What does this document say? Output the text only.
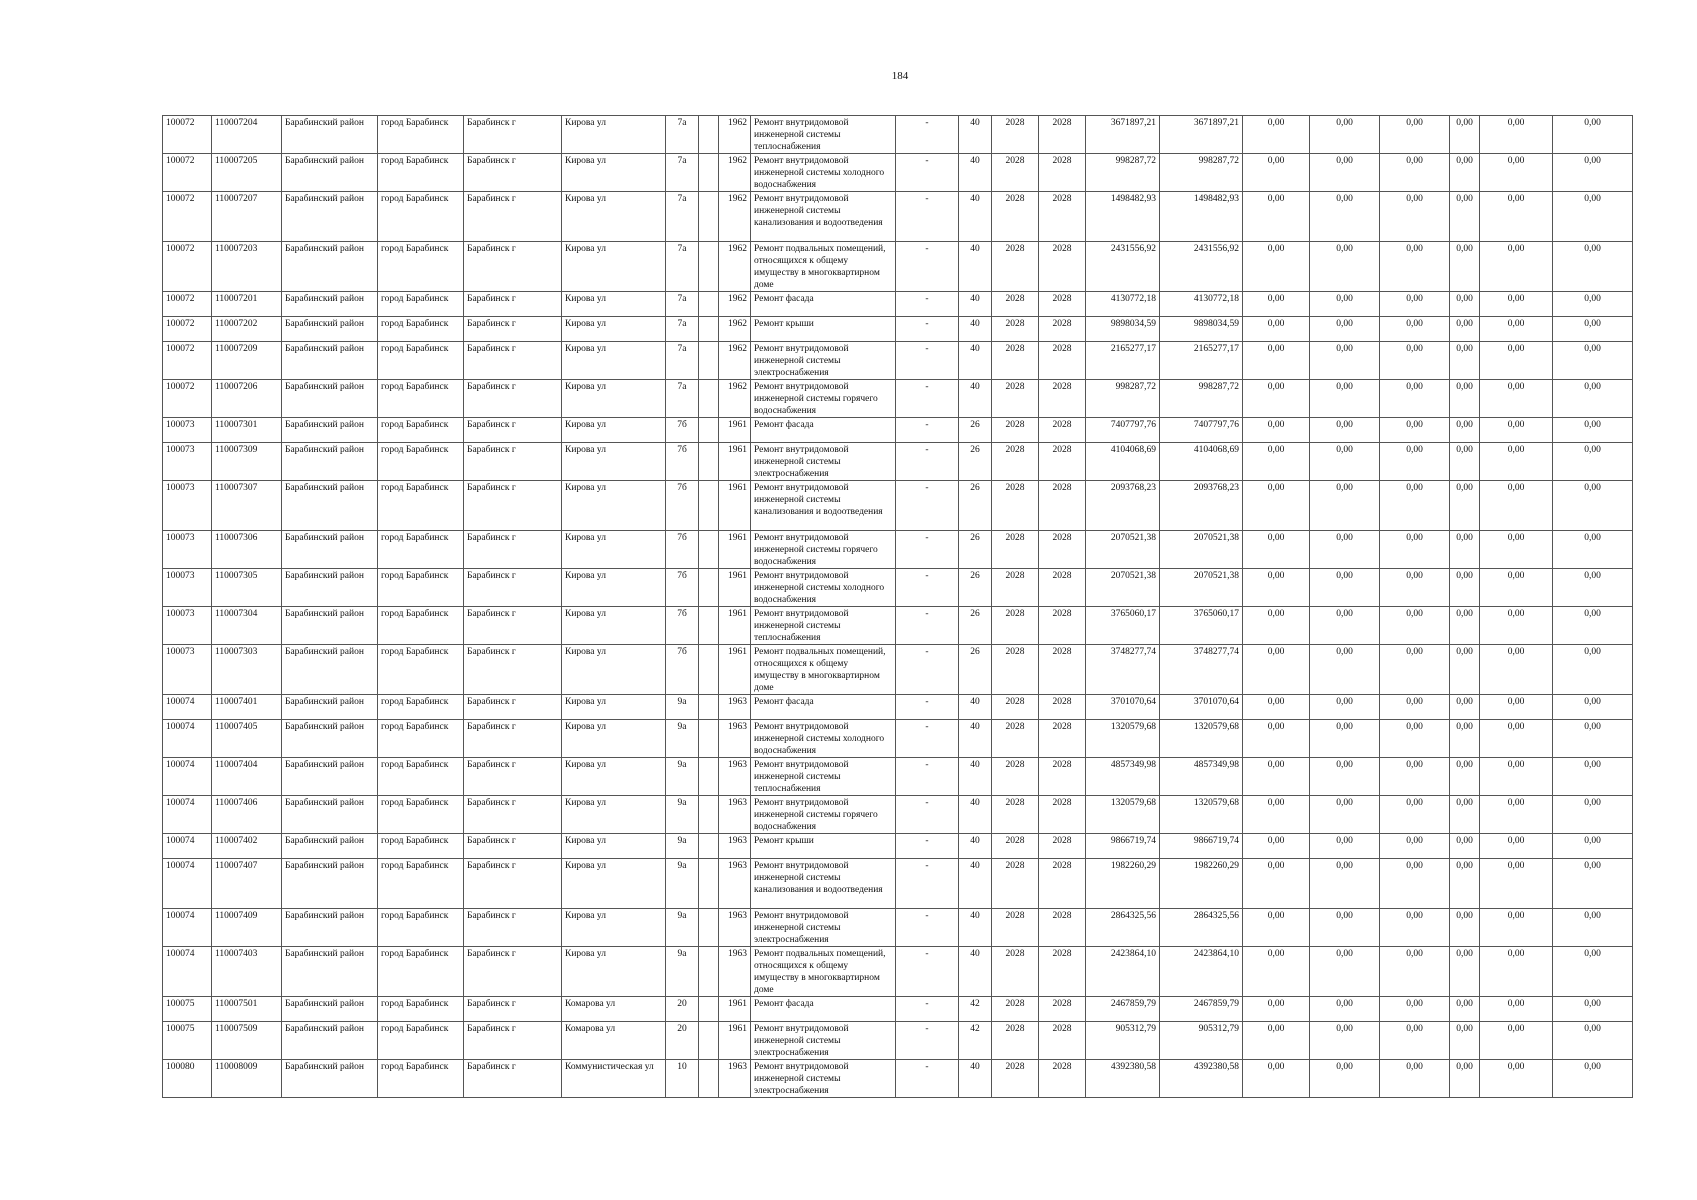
184
100072	110007204	Барабинский район	город Барабинск	Барабинск г	Кирова ул	7а		1962	Ремонт внутридомовой инженерной системы теплоснабжения	-	40	2028	2028	3671897,21	3671897,21	0,00	0,00	0,00	0,00	0,00	0,00
100072	110007205	Барабинский район	город Барабинск	Барабинск г	Кирова ул	7а		1962	Ремонт внутридомовой инженерной системы холодного водоснабжения	-	40	2028	2028	998287,72	998287,72	0,00	0,00	0,00	0,00	0,00	0,00
100072	110007207	Барабинский район	город Барабинск	Барабинск г	Кирова ул	7а		1962	Ремонт внутридомовой инженерной системы канализования и водоотведения	-	40	2028	2028	1498482,93	1498482,93	0,00	0,00	0,00	0,00	0,00	0,00
100072	110007203	Барабинский район	город Барабинск	Барабинск г	Кирова ул	7а		1962	Ремонт подвальных помещений, относящихся к общему имуществу в многоквартирном доме	-	40	2028	2028	2431556,92	2431556,92	0,00	0,00	0,00	0,00	0,00	0,00
100072	110007201	Барабинский район	город Барабинск	Барабинск г	Кирова ул	7а		1962	Ремонт фасада	-	40	2028	2028	4130772,18	4130772,18	0,00	0,00	0,00	0,00	0,00	0,00
100072	110007202	Барабинский район	город Барабинск	Барабинск г	Кирова ул	7а		1962	Ремонт крыши	-	40	2028	2028	9898034,59	9898034,59	0,00	0,00	0,00	0,00	0,00	0,00
100072	110007209	Барабинский район	город Барабинск	Барабинск г	Кирова ул	7а		1962	Ремонт внутридомовой инженерной системы электроснабжения	-	40	2028	2028	2165277,17	2165277,17	0,00	0,00	0,00	0,00	0,00	0,00
100072	110007206	Барабинский район	город Барабинск	Барабинск г	Кирова ул	7а		1962	Ремонт внутридомовой инженерной системы горячего водоснабжения	-	40	2028	2028	998287,72	998287,72	0,00	0,00	0,00	0,00	0,00	0,00
100073	110007301	Барабинский район	город Барабинск	Барабинск г	Кирова ул	7б		1961	Ремонт фасада	-	26	2028	2028	7407797,76	7407797,76	0,00	0,00	0,00	0,00	0,00	0,00
100073	110007309	Барабинский район	город Барабинск	Барабинск г	Кирова ул	7б		1961	Ремонт внутридомовой инженерной системы электроснабжения	-	26	2028	2028	4104068,69	4104068,69	0,00	0,00	0,00	0,00	0,00	0,00
100073	110007307	Барабинский район	город Барабинск	Барабинск г	Кирова ул	7б		1961	Ремонт внутридомовой инженерной системы канализования и водоотведения	-	26	2028	2028	2093768,23	2093768,23	0,00	0,00	0,00	0,00	0,00	0,00
100073	110007306	Барабинский район	город Барабинск	Барабинск г	Кирова ул	7б		1961	Ремонт внутридомовой инженерной системы горячего водоснабжения	-	26	2028	2028	2070521,38	2070521,38	0,00	0,00	0,00	0,00	0,00	0,00
100073	110007305	Барабинский район	город Барабинск	Барабинск г	Кирова ул	7б		1961	Ремонт внутридомовой инженерной системы холодного водоснабжения	-	26	2028	2028	2070521,38	2070521,38	0,00	0,00	0,00	0,00	0,00	0,00
100073	110007304	Барабинский район	город Барабинск	Барабинск г	Кирова ул	7б		1961	Ремонт внутридомовой инженерной системы теплоснабжения	-	26	2028	2028	3765060,17	3765060,17	0,00	0,00	0,00	0,00	0,00	0,00
100073	110007303	Барабинский район	город Барабинск	Барабинск г	Кирова ул	7б		1961	Ремонт подвальных помещений, относящихся к общему имуществу в многоквартирном доме	-	26	2028	2028	3748277,74	3748277,74	0,00	0,00	0,00	0,00	0,00	0,00
100074	110007401	Барабинский район	город Барабинск	Барабинск г	Кирова ул	9а		1963	Ремонт фасада	-	40	2028	2028	3701070,64	3701070,64	0,00	0,00	0,00	0,00	0,00	0,00
100074	110007405	Барабинский район	город Барабинск	Барабинск г	Кирова ул	9а		1963	Ремонт внутридомовой инженерной системы холодного водоснабжения	-	40	2028	2028	1320579,68	1320579,68	0,00	0,00	0,00	0,00	0,00	0,00
100074	110007404	Барабинский район	город Барабинск	Барабинск г	Кирова ул	9а		1963	Ремонт внутридомовой инженерной системы теплоснабжения	-	40	2028	2028	4857349,98	4857349,98	0,00	0,00	0,00	0,00	0,00	0,00
100074	110007406	Барабинский район	город Барабинск	Барабинск г	Кирова ул	9а		1963	Ремонт внутридомовой инженерной системы горячего водоснабжения	-	40	2028	2028	1320579,68	1320579,68	0,00	0,00	0,00	0,00	0,00	0,00
100074	110007402	Барабинский район	город Барабинск	Барабинск г	Кирова ул	9а		1963	Ремонт крыши	-	40	2028	2028	9866719,74	9866719,74	0,00	0,00	0,00	0,00	0,00	0,00
100074	110007407	Барабинский район	город Барабинск	Барабинск г	Кирова ул	9а		1963	Ремонт внутридомовой инженерной системы канализования и водоотведения	-	40	2028	2028	1982260,29	1982260,29	0,00	0,00	0,00	0,00	0,00	0,00
100074	110007409	Барабинский район	город Барабинск	Барабинск г	Кирова ул	9а		1963	Ремонт внутридомовой инженерной системы электроснабжения	-	40	2028	2028	2864325,56	2864325,56	0,00	0,00	0,00	0,00	0,00	0,00
100074	110007403	Барабинский район	город Барабинск	Барабинск г	Кирова ул	9а		1963	Ремонт подвальных помещений, относящихся к общему имуществу в многоквартирном доме	-	40	2028	2028	2423864,10	2423864,10	0,00	0,00	0,00	0,00	0,00	0,00
100075	110007501	Барабинский район	город Барабинск	Барабинск г	Комарова ул	20		1961	Ремонт фасада	-	42	2028	2028	2467859,79	2467859,79	0,00	0,00	0,00	0,00	0,00	0,00
100075	110007509	Барабинский район	город Барабинск	Барабинск г	Комарова ул	20		1961	Ремонт внутридомовой инженерной системы электроснабжения	-	42	2028	2028	905312,79	905312,79	0,00	0,00	0,00	0,00	0,00	0,00
100080	110008009	Барабинский район	город Барабинск	Барабинск г	Коммунистическая ул	10		1963	Ремонт внутридомовой инженерной системы электроснабжения	-	40	2028	2028	4392380,58	4392380,58	0,00	0,00	0,00	0,00	0,00	0,00
